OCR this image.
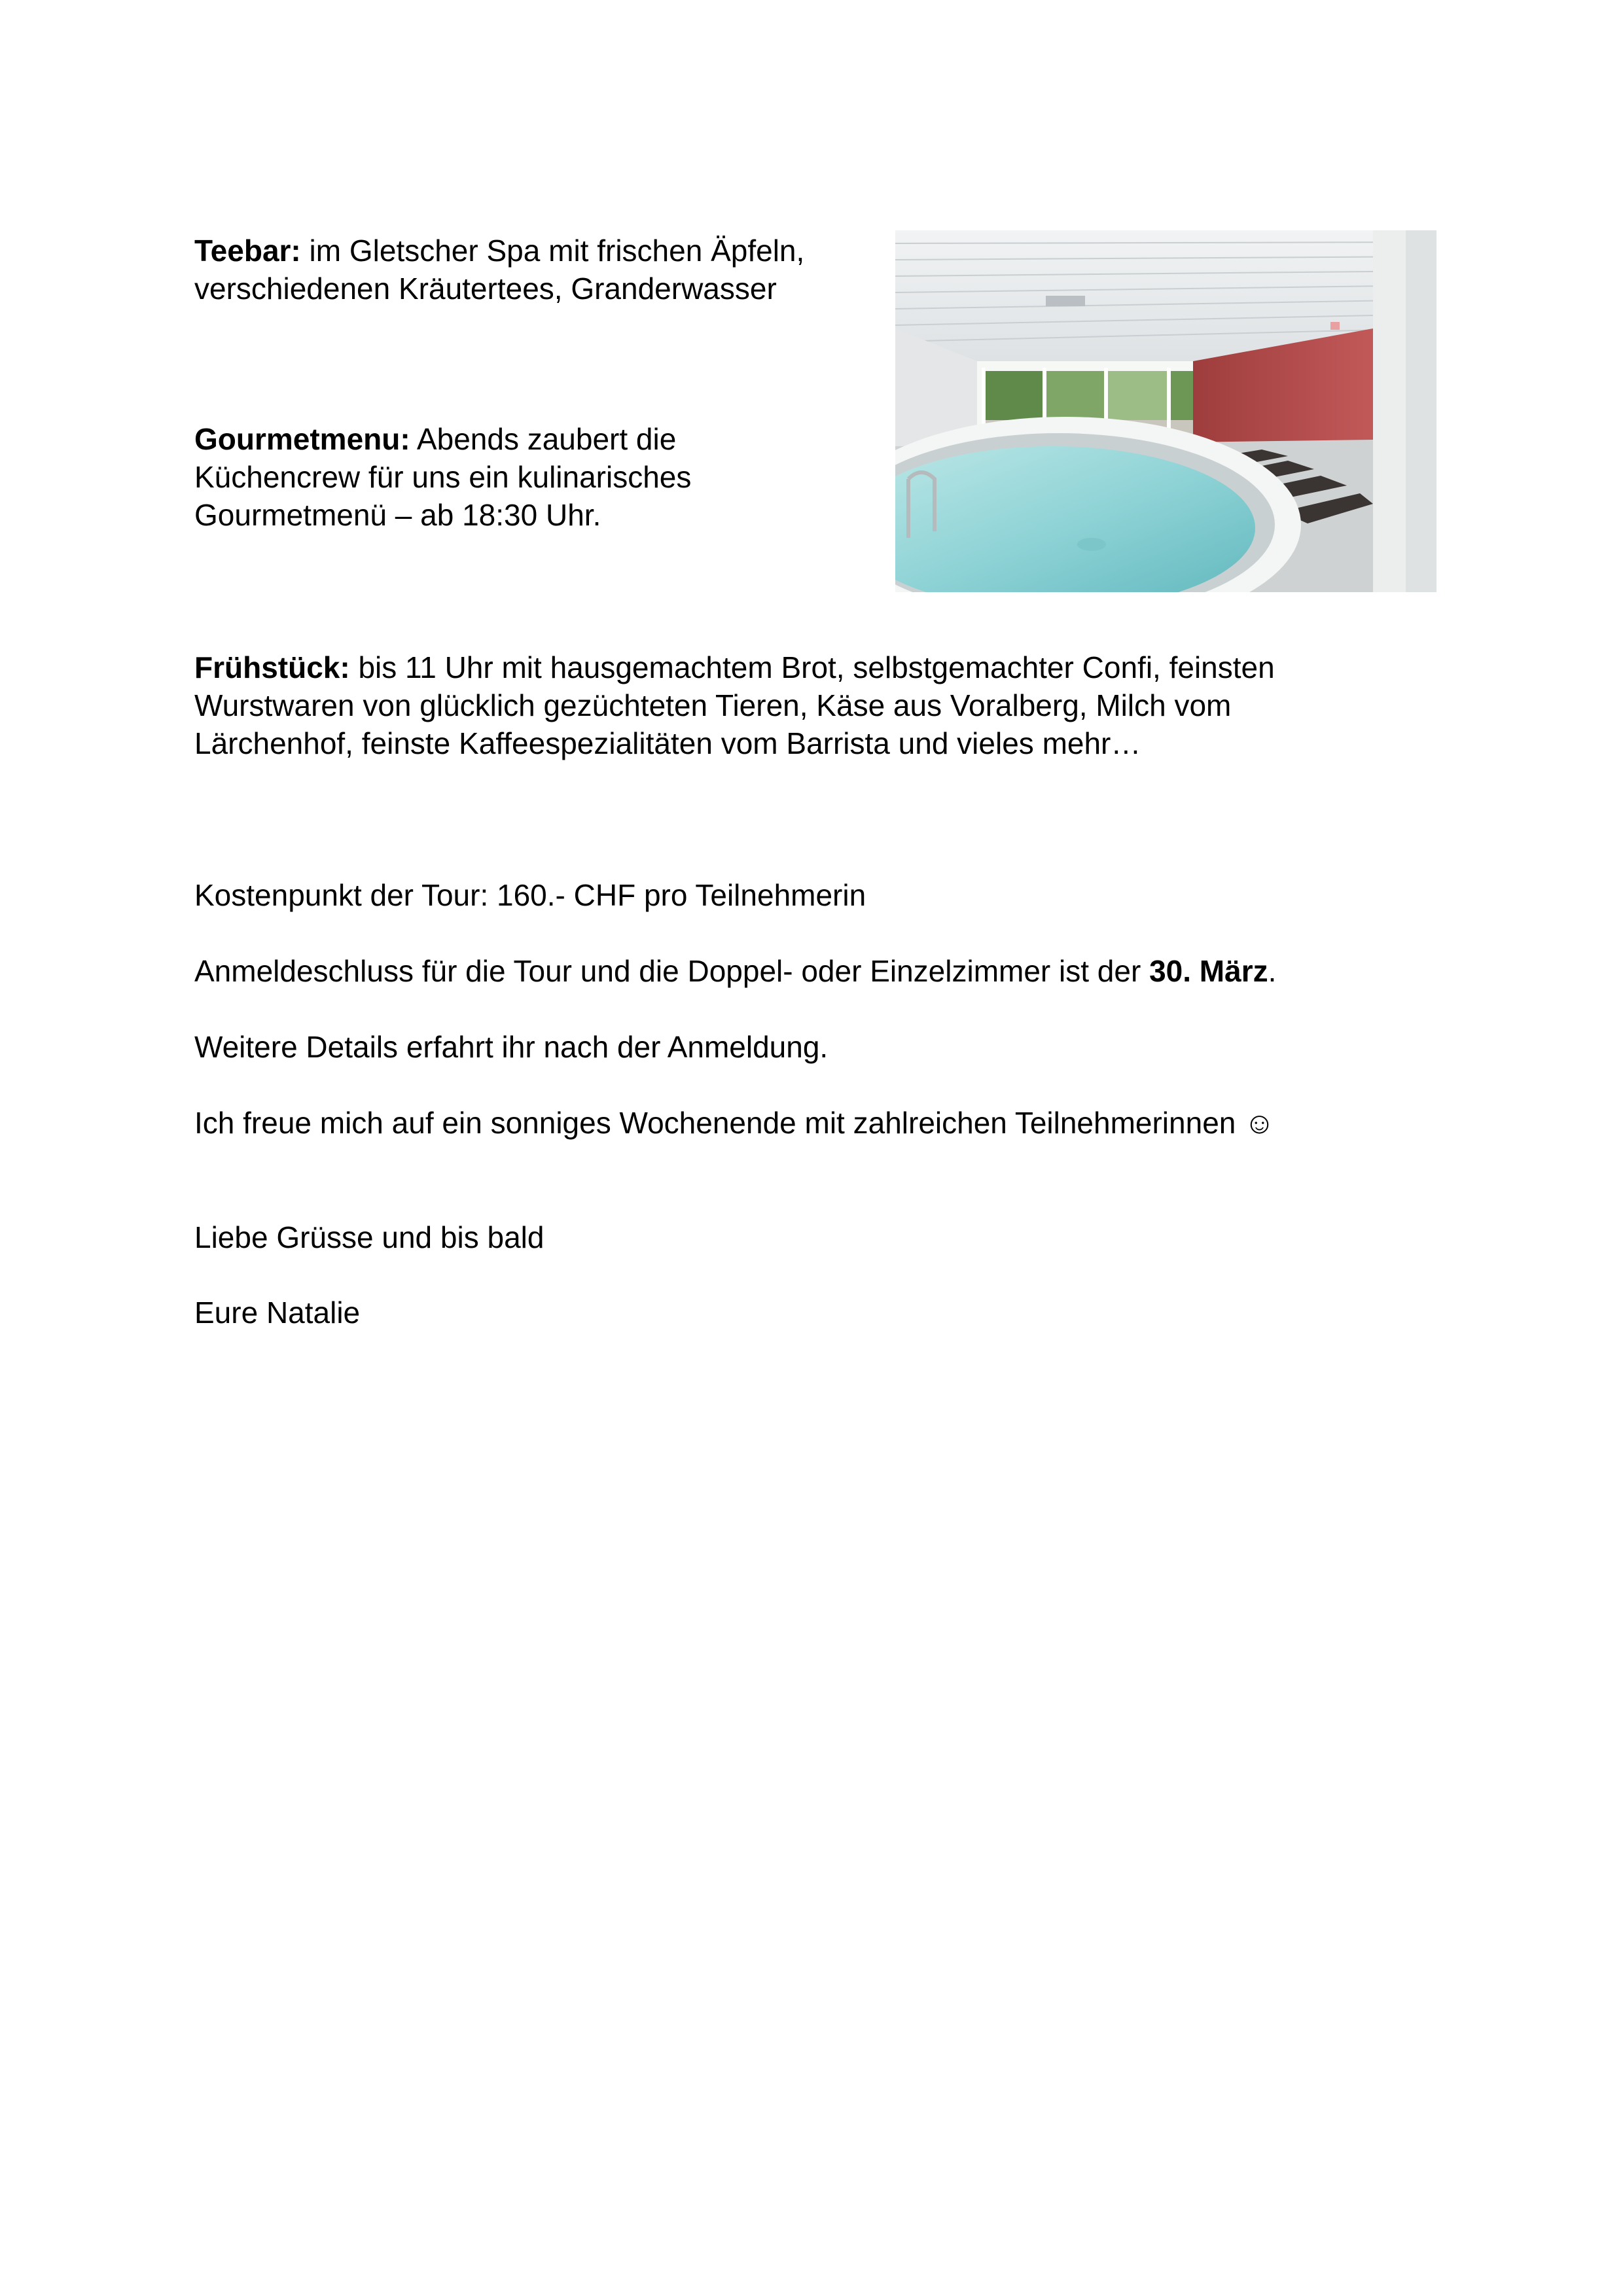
Teebar: im Gletscher Spa mit frischen Äpfeln,
verschiedenen Kräutertees, Granderwasser
Gourmetmenu: Abends zaubert die
Küchencrew für uns ein kulinarisches
Gourmetmenü – ab 18:30 Uhr.
Frühstück: bis 11 Uhr mit hausgemachtem Brot, selbstgemachter Confi, feinsten
Wurstwaren von glücklich gezüchteten Tieren, Käse aus Voralberg, Milch vom
Lärchenhof, feinste Kaffeespezialitäten vom Barrista und vieles mehr…
Kostenpunkt der Tour: 160.- CHF pro Teilnehmerin
Anmeldeschluss für die Tour und die Doppel- oder Einzelzimmer ist der 30. März.
Weitere Details erfahrt ihr nach der Anmeldung.
Ich freue mich auf ein sonniges Wochenende mit zahlreichen Teilnehmerinnen ☺
Liebe Grüsse und bis bald
Eure Natalie
